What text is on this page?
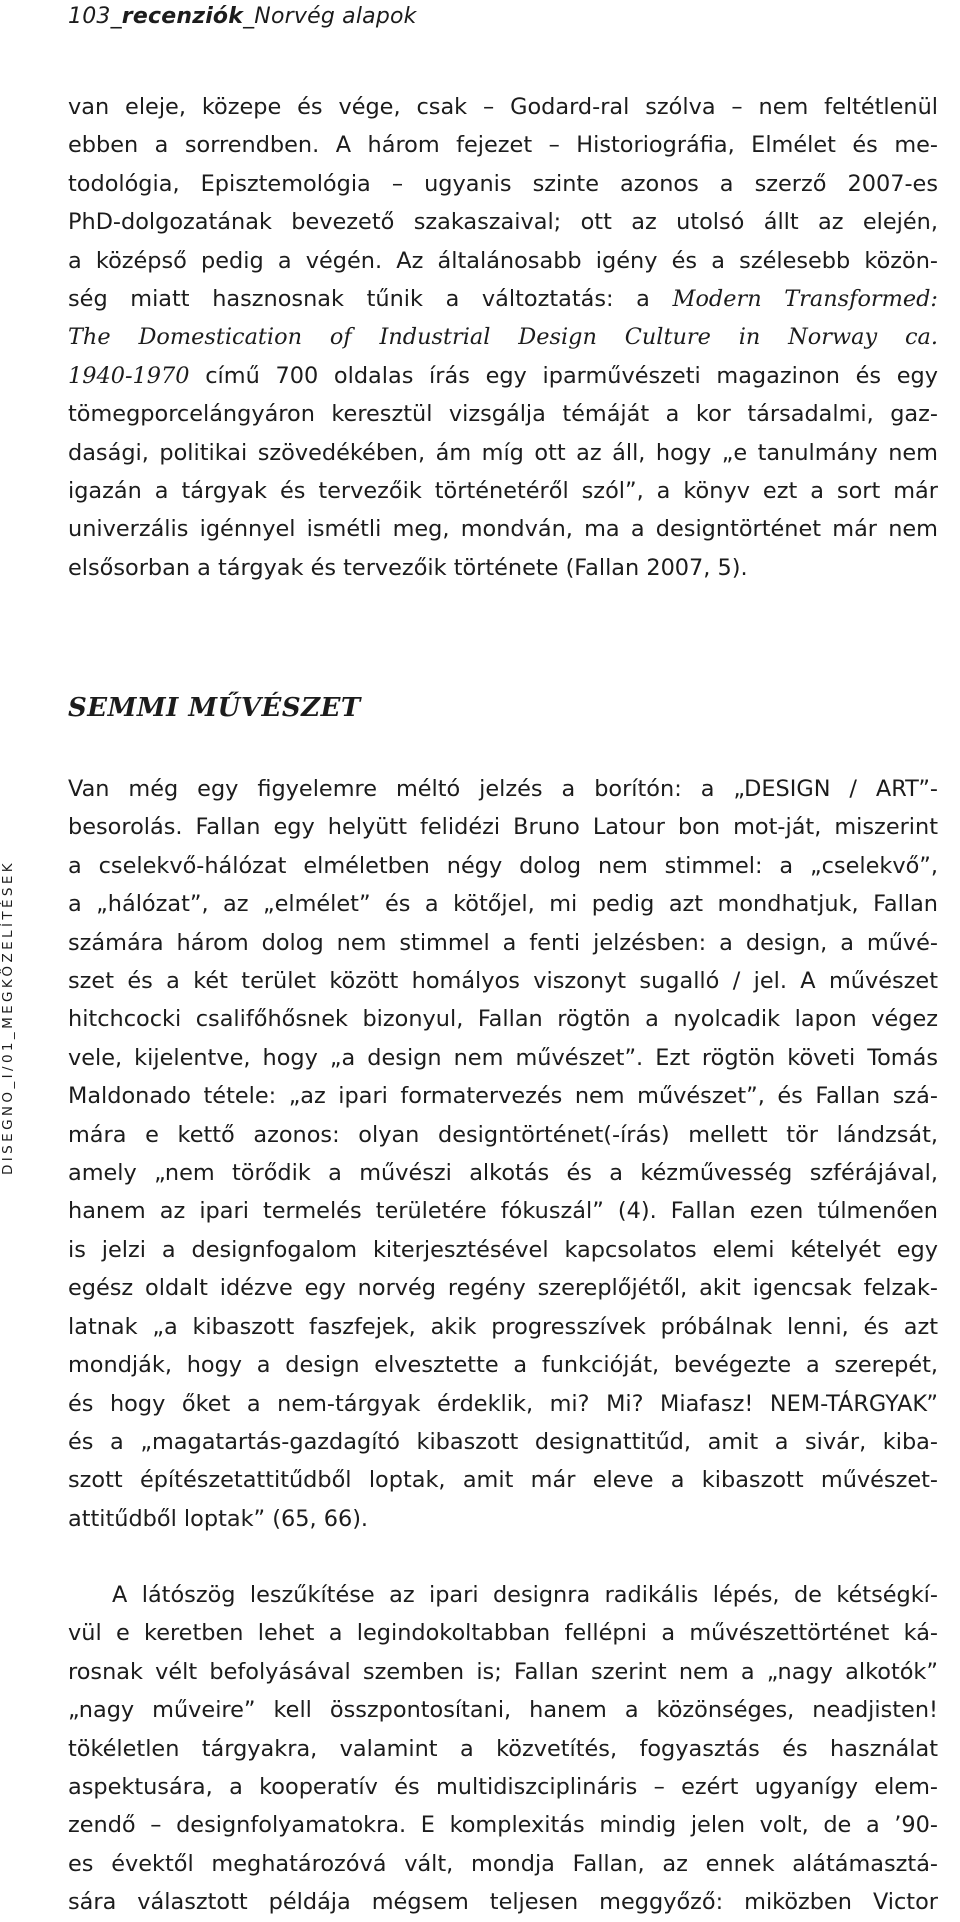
103_recenziók_Norvég alapok
DISEGNO_I/01_MEGKÖZELÍTÉSEK
van eleje, közepe és vége, csak – Godard-ral szólva – nem feltétlenül
ebben a sorrendben. A három fejezet – Historiográfia, Elmélet és me-
todológia, Episztemológia – ugyanis szinte azonos a szerző 2007-es
PhD-dolgozatának bevezető szakaszaival; ott az utolsó állt az elején,
a középső pedig a végén. Az általánosabb igény és a szélesebb közön-
ség miatt hasznosnak tűnik a változtatás: a Modern Transformed:
The Domestication of Industrial Design Culture in Norway ca.
1940-1970 című 700 oldalas írás egy iparművészeti magazinon és egy
tömegporcelángyáron keresztül vizsgálja témáját a kor társadalmi, gaz-
dasági, politikai szövedékében, ám míg ott az áll, hogy „e tanulmány nem
igazán a tárgyak és tervezőik történetéről szól”, a könyv ezt a sort már
univerzális igénnyel ismétli meg, mondván, ma a designtörténet már nem
elsősorban a tárgyak és tervezőik története (Fallan 2007, 5).
SEMMI MŰVÉSZET
Van még egy figyelemre méltó jelzés a borítón: a „DESIGN / ART”-
besorolás. Fallan egy helyütt felidézi Bruno Latour bon mot-ját, miszerint
a cselekvő-hálózat elméletben négy dolog nem stimmel: a „cselekvő”,
a „hálózat”, az „elmélet” és a kötőjel, mi pedig azt mondhatjuk, Fallan
számára három dolog nem stimmel a fenti jelzésben: a design, a művé-
szet és a két terület között homályos viszonyt sugalló / jel. A művészet
hitchcocki csalifőhősnek bizonyul, Fallan rögtön a nyolcadik lapon végez
vele, kijelentve, hogy „a design nem művészet”. Ezt rögtön követi Tomás
Maldonado tétele: „az ipari formatervezés nem művészet”, és Fallan szá-
mára e kettő azonos: olyan designtörténet(-írás) mellett tör lándzsát,
amely „nem törődik a művészi alkotás és a kézművesség szférájával,
hanem az ipari termelés területére fókuszál” (4). Fallan ezen túlmenően
is jelzi a designfogalom kiterjesztésével kapcsolatos elemi kételyét egy
egész oldalt idézve egy norvég regény szereplőjétől, akit igencsak felzak-
latnak „a kibaszott faszfejek, akik progresszívek próbálnak lenni, és azt
mondják, hogy a design elvesztette a funkcióját, bevégezte a szerepét,
és hogy őket a nem-tárgyak érdeklik, mi? Mi? Miafasz! NEM-TÁRGYAK”
és a „magatartás-gazdagító kibaszott designattitűd, amit a sivár, kiba-
szott építészetattitűdből loptak, amit már eleve a kibaszott művészet-
attitűdből loptak” (65, 66).
A látószög leszűkítése az ipari designra radikális lépés, de kétségkí-
vül e keretben lehet a legindokoltabban fellépni a művészettörténet ká-
rosnak vélt befolyásával szemben is; Fallan szerint nem a „nagy alkotók”
„nagy műveire” kell összpontosítani, hanem a közönséges, neadjisten!
tökéletlen tárgyakra, valamint a közvetítés, fogyasztás és használat
aspektusára, a kooperatív és multidiszciplináris – ezért ugyanígy elem-
zendő – designfolyamatokra. E komplexitás mindig jelen volt, de a ’90-
es évektől meghatározóvá vált, mondja Fallan, az ennek alátámasztá-
sára választott példája mégsem teljesen meggyőző: miközben Victor
